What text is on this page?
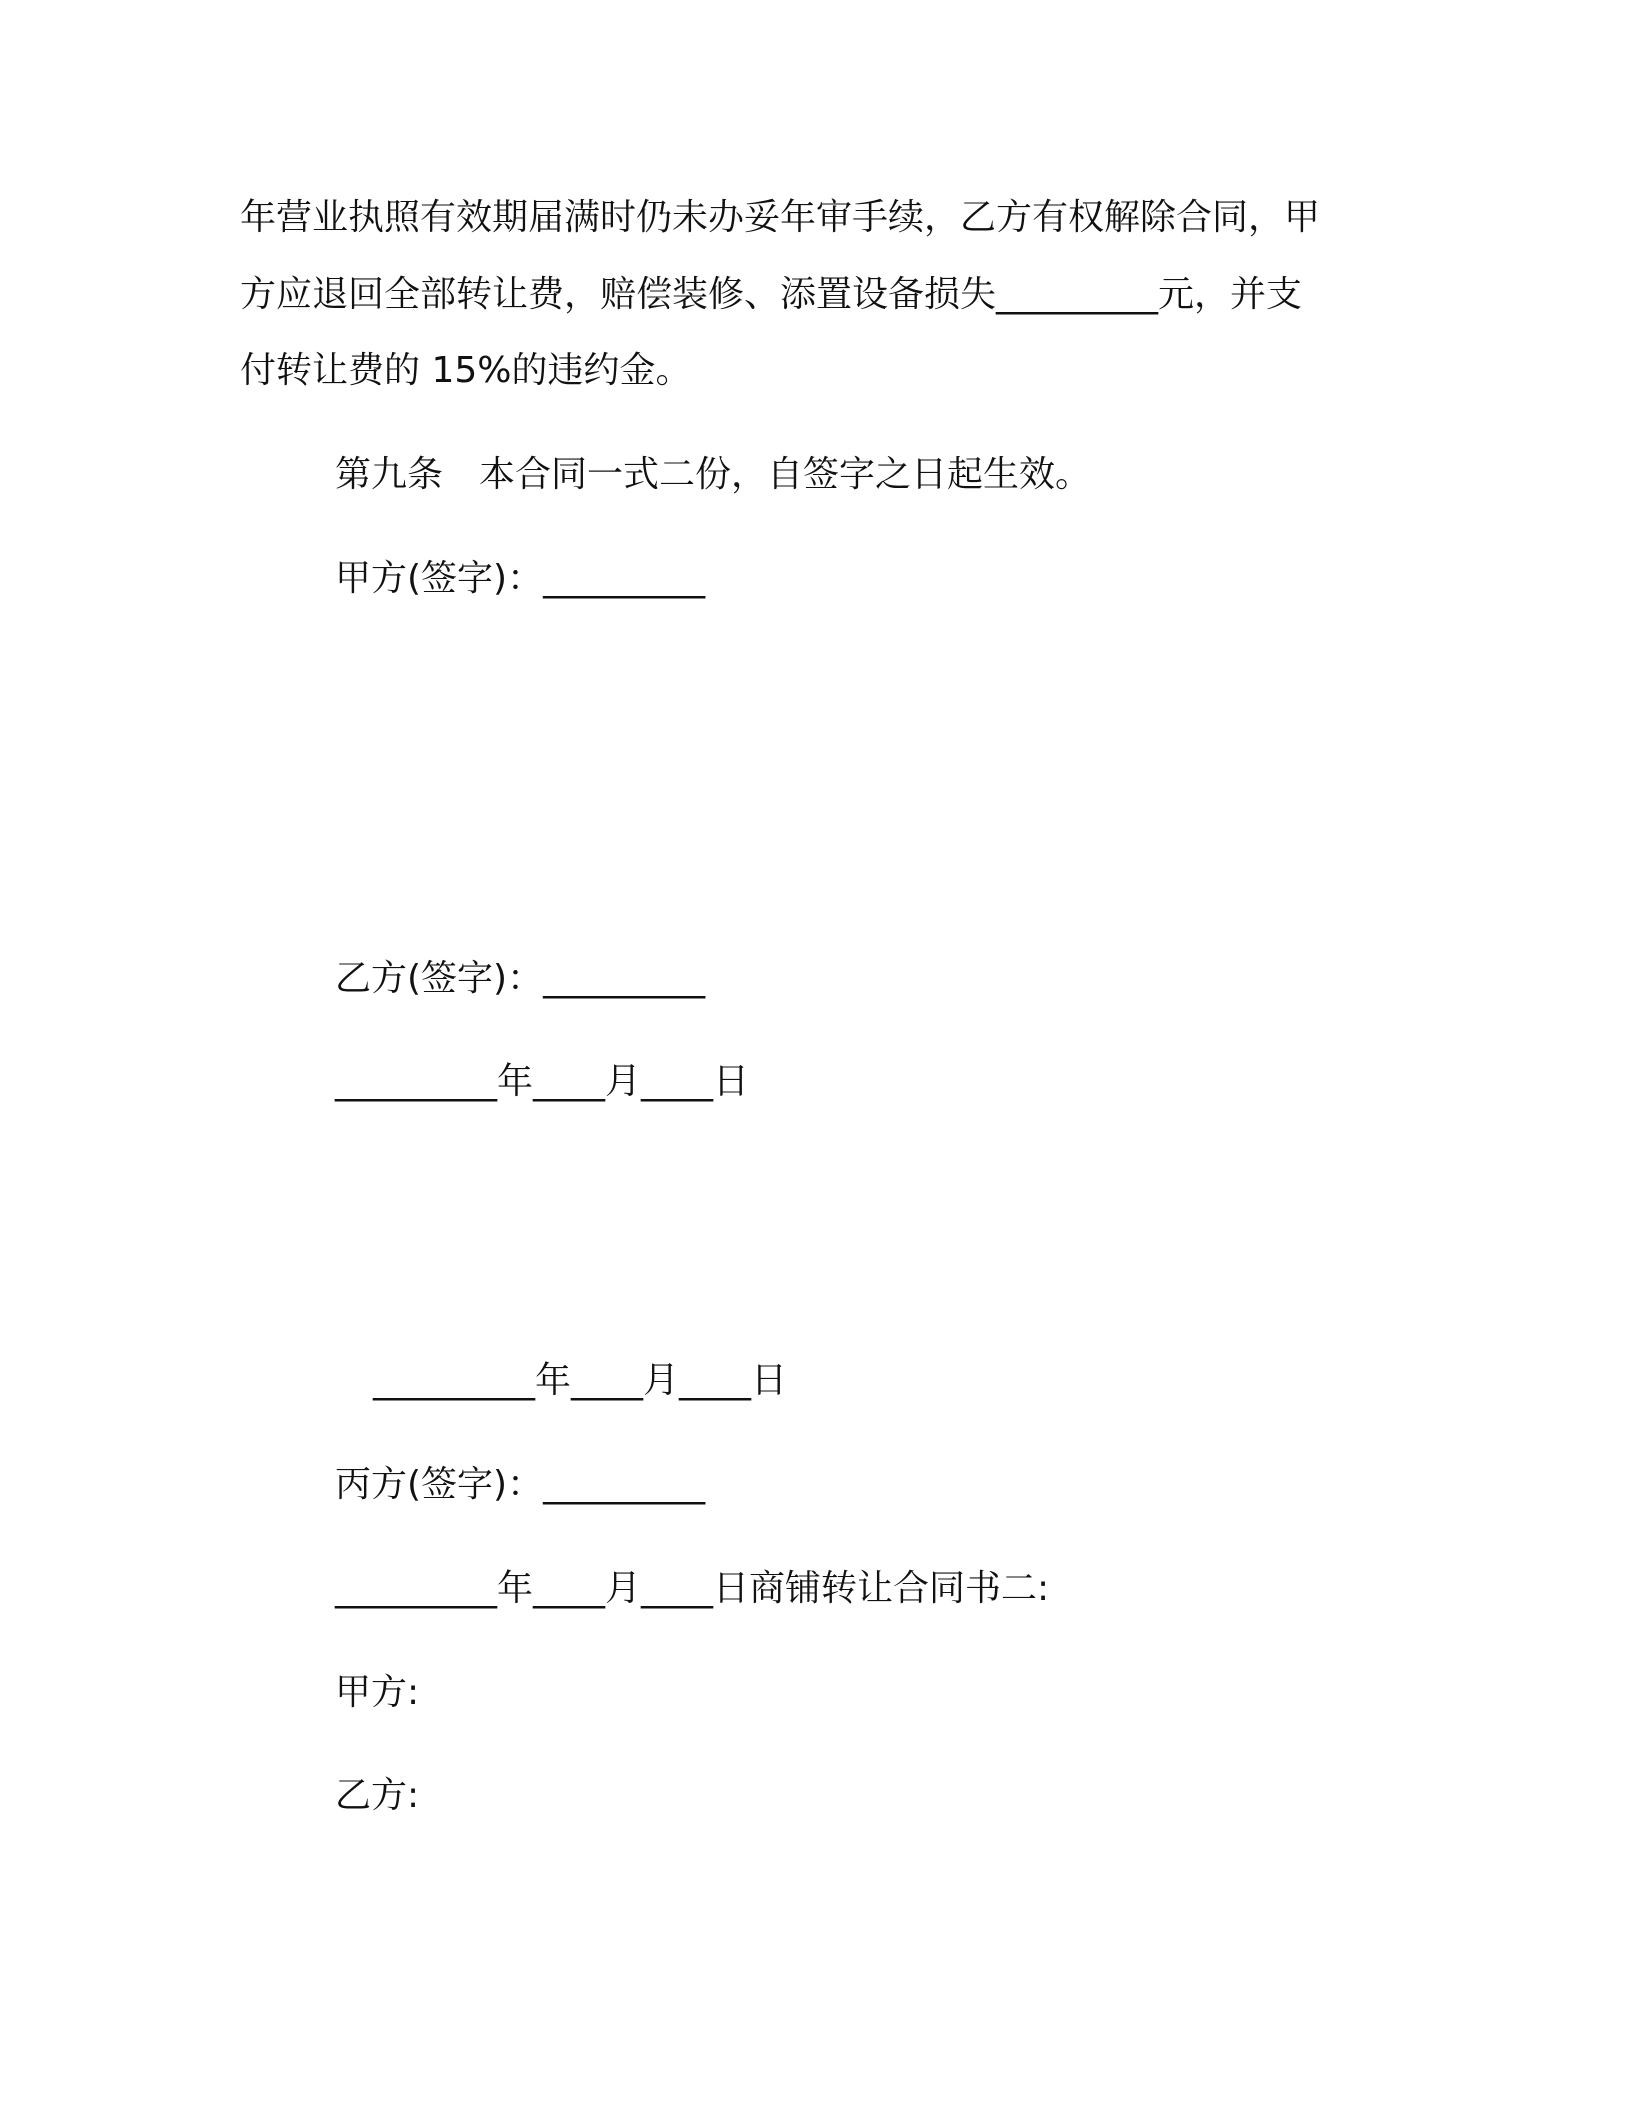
年营业执照有效期届满时仍未办妥年审手续，乙方有权解除合同，甲
方应退回全部转让费，赔偿装修、添置设备损失_________元，并支
付转让费的 15%的违约金。
第九条　本合同一式二份，自签字之日起生效。
甲方(签字)：_________
乙方(签字)：_________
_________年____月____日
_________年____月____日
丙方(签字)：_________
_________年____月____日商铺转让合同书二:
甲方:
乙方:
